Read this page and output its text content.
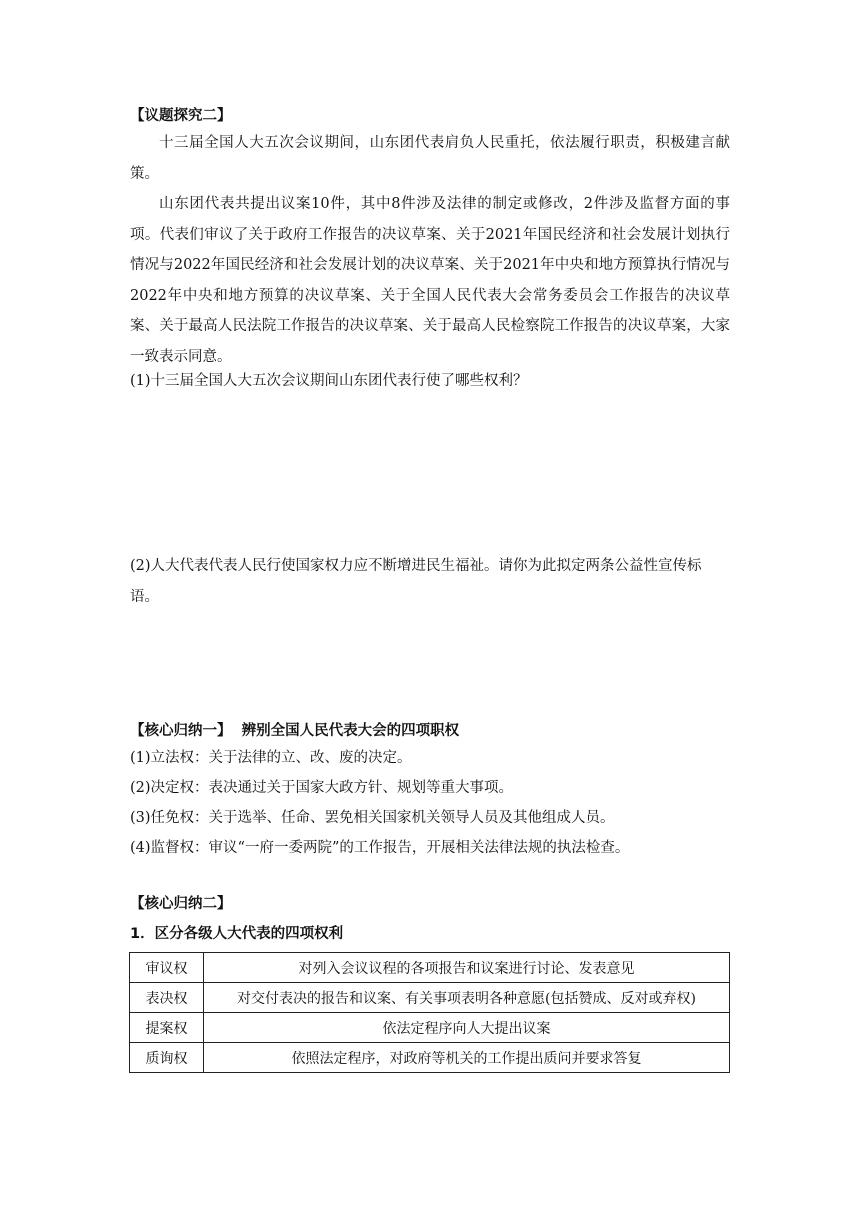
【议题探究二】

十三届全国人大五次会议期间，山东团代表肩负人民重托，依法履行职责，积极建言献策。

山东团代表共提出议案10件，其中8件涉及法律的制定或修改，2件涉及监督方面的事项。代表们审议了关于政府工作报告的决议草案、关于2021年国民经济和社会发展计划执行情况与2022年国民经济和社会发展计划的决议草案、关于2021年中央和地方预算执行情况与2022年中央和地方预算的决议草案、关于全国人民代表大会常务委员会工作报告的决议草案、关于最高人民法院工作报告的决议草案、关于最高人民检察院工作报告的决议草案，大家一致表示同意。

(1)十三届全国人大五次会议期间山东团代表行使了哪些权利？

(2)人大代表代表人民行使国家权力应不断增进民生福祉。请你为此拟定两条公益性宣传标语。

【核心归纳一】  辨别全国人民代表大会的四项职权
(1)立法权：关于法律的立、改、废的决定。
(2)决定权：表决通过关于国家大政方针、规划等重大事项。
(3)任免权：关于选举、任命、罢免相关国家机关领导人员及其他组成人员。
(4)监督权：审议“一府一委两院”的工作报告，开展相关法律法规的执法检查。
【核心归纳二】
1．区分各级人大代表的四项权利
审议权	对列入会议议程的各项报告和议案进行讨论、发表意见
表决权	对交付表决的报告和议案、有关事项表明各种意愿(包括赞成、反对或弃权)
提案权	依法定程序向人大提出议案
质询权	依照法定程序，对政府等机关的工作提出质问并要求答复
